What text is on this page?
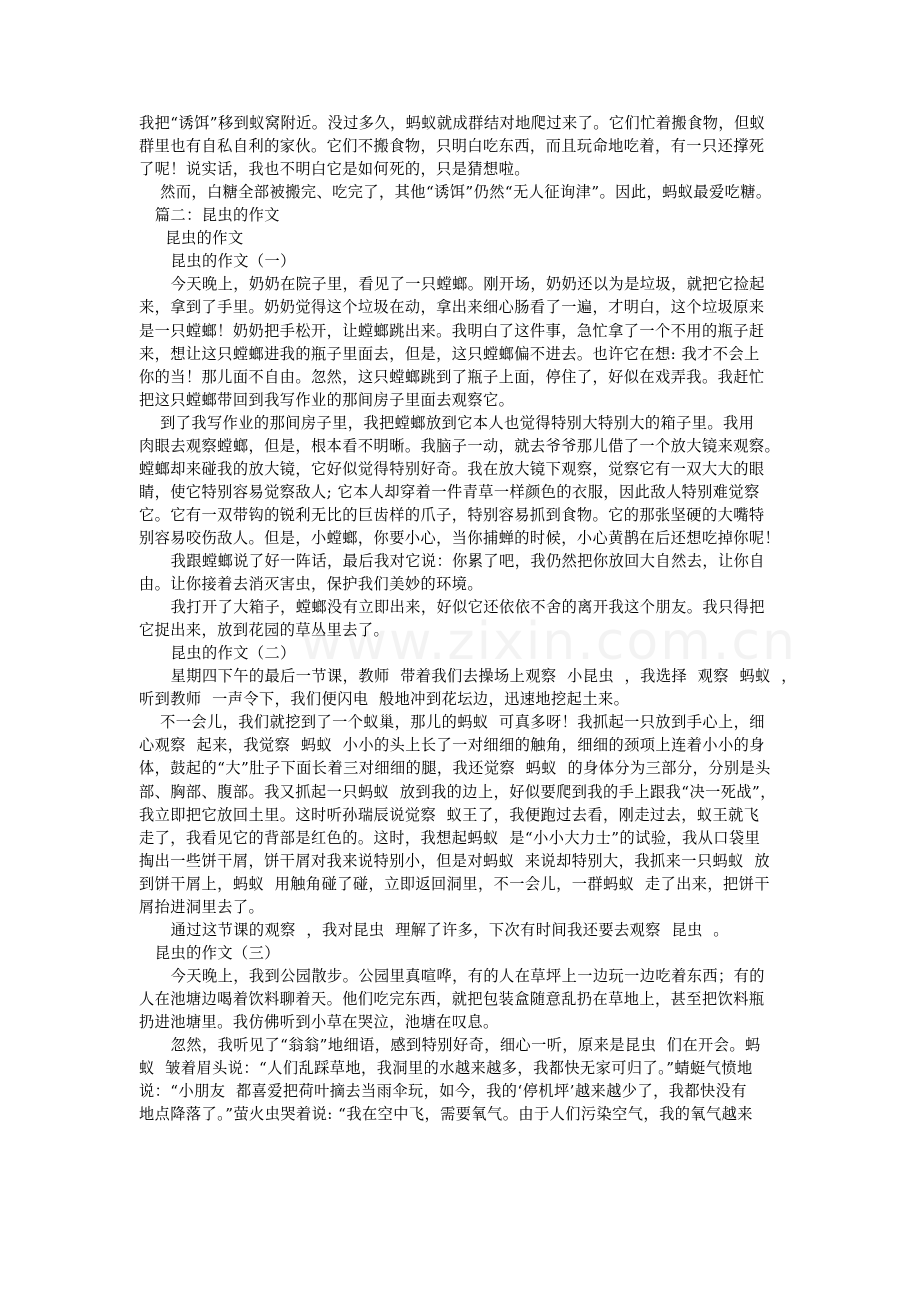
我把“诱饵”移到蚁窝附近。没过多久，蚂蚁就成群结对地爬过来了。它们忙着搬食物，但蚁
群里也有自私自利的家伙。它们不搬食物，只明白吃东西，而且玩命地吃着，有一只还撑死
了呢！说实话，我也不明白它是如何死的，只是猜想啦。
然而，白糖全部被搬完、吃完了，其他“诱饵”仍然“无人征询津”。因此，蚂蚁最爱吃糖。
篇二：昆虫的作文
昆虫的作文
昆虫的作文（一）
今天晚上，奶奶在院子里，看见了一只螳螂。刚开场，奶奶还以为是垃圾，就把它捡起
来，拿到了手里。奶奶觉得这个垃圾在动，拿出来细心肠看了一遍，才明白，这个垃圾原来
是一只螳螂！奶奶把手松开，让螳螂跳出来。我明白了这件事，急忙拿了一个不用的瓶子赶
来，想让这只螳螂进我的瓶子里面去，但是，这只螳螂偏不进去。也许它在想: 我才不会上
你的当！那儿面不自由。忽然，这只螳螂跳到了瓶子上面，停住了，好似在戏弄我。我赶忙
把这只螳螂带回到我写作业的那间房子里面去观察它。
到了我写作业的那间房子里，我把螳螂放到它本人也觉得特别大特别大的箱子里。我用
肉眼去观察螳螂，但是，根本看不明晰。我脑子一动，就去爷爷那儿借了一个放大镜来观察。
螳螂却来碰我的放大镜，它好似觉得特别好奇。我在放大镜下观察，觉察它有一双大大的眼
睛，使它特别容易觉察敌人; 它本人却穿着一件青草一样颜色的衣服，因此敌人特别难觉察
它。它有一双带钩的锐利无比的巨齿样的爪子，特别容易抓到食物。它的那张坚硬的大嘴特
别容易咬伤敌人。但是，小螳螂，你要小心，当你捕蝉的时候，小心黄鹊在后还想吃掉你呢！
我跟螳螂说了好一阵话，最后我对它说：你累了吧，我仍然把你放回大自然去，让你自
由。让你接着去消灭害虫，保护我们美妙的环境。
我打开了大箱子，螳螂没有立即出来，好似它还依依不舍的离开我这个朋友。我只得把
它捉出来，放到花园的草丛里去了。
昆虫的作文（二）
星期四下午的最后一节课，教师  带着我们去操场上观察  小昆虫  ，我选择  观察  蚂蚁  ，
听到教师  一声令下，我们便闪电  般地冲到花坛边，迅速地挖起土来。
不一会儿，我们就挖到了一个蚁巢，那儿的蚂蚁  可真多呀！我抓起一只放到手心上，细
心观察  起来，我觉察  蚂蚁  小小的头上长了一对细细的触角，细细的颈项上连着小小的身
体，鼓起的“大”肚子下面长着三对细细的腿，我还觉察  蚂蚁  的身体分为三部分，分别是头
部、胸部、腹部。我又抓起一只蚂蚁  放到我的边上，好似要爬到我的手上跟我“决一死战”，
我立即把它放回土里。这时听孙瑞辰说觉察  蚁王了，我便跑过去看，刚走过去，蚁王就飞
走了，我看见它的背部是红色的。这时，我想起蚂蚁  是“小小大力士”的试验，我从口袋里
掏出一些饼干屑，饼干屑对我来说特别小，但是对蚂蚁  来说却特别大，我抓来一只蚂蚁  放
到饼干屑上，蚂蚁  用触角碰了碰，立即返回洞里，不一会儿，一群蚂蚁  走了出来，把饼干
屑抬进洞里去了。
通过这节课的观察  ，我对昆虫  理解了许多，下次有时间我还要去观察  昆虫  。
昆虫的作文（三）
今天晚上，我到公园散步。公园里真喧哗，有的人在草坪上一边玩一边吃着东西；有的
人在池塘边喝着饮料聊着天。他们吃完东西，就把包装盒随意乱扔在草地上，甚至把饮料瓶
扔进池塘里。我仿佛听到小草在哭泣，池塘在叹息。
忽然，我听见了“翁翁”地细语，感到特别好奇，细心一听，原来是昆虫  们在开会。蚂
蚁  皱着眉头说：“人们乱踩草地，我洞里的水越来越多，我都快无家可归了。”蜻蜓气愤地
说：“小朋友  都喜爱把荷叶摘去当雨伞玩，如今，我的‘停机坪’越来越少了，我都快没有
地点降落了。”萤火虫哭着说: “我在空中飞，需要氧气。由于人们污染空气，我的氧气越来
